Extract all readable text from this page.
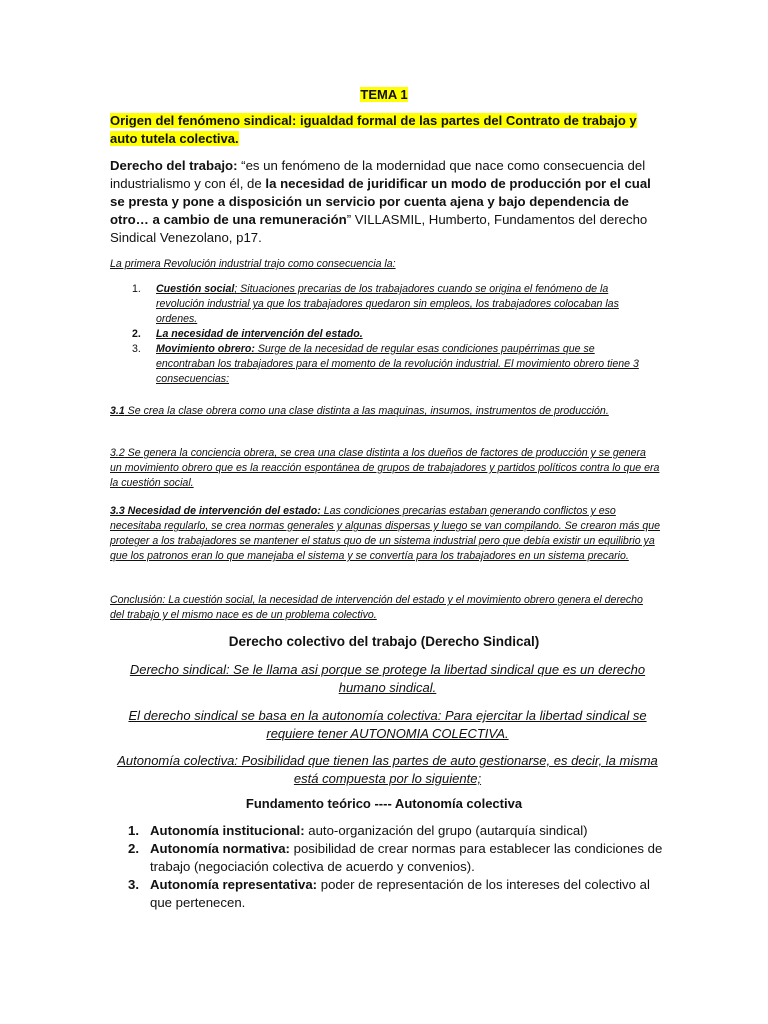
TEMA 1
Origen del fenómeno sindical: igualdad formal de las partes del Contrato de trabajo y auto tutela colectiva.
Derecho del trabajo: “es un fenómeno de la modernidad que nace como consecuencia del industrialismo y con él, de la necesidad de juridificar un modo de producción por el cual se presta y pone a disposición un servicio por cuenta ajena y bajo dependencia de otro… a cambio de una remuneración” VILLASMIL, Humberto, Fundamentos del derecho Sindical Venezolano, p17.
La primera Revolución industrial trajo como consecuencia la:
1. Cuestión social; Situaciones precarias de los trabajadores cuando se origina el fenómeno de la revolución industrial ya que los trabajadores quedaron sin empleos, los trabajadores colocaban las ordenes.
2. La necesidad de intervención del estado.
3. Movimiento obrero: Surge de la necesidad de regular esas condiciones paupérrimas que se encontraban los trabajadores para el momento de la revolución industrial. El movimiento obrero tiene 3 consecuencias:
3.1 Se crea la clase obrera como una clase distinta a las maquinas, insumos, instrumentos de producción.
3.2 Se genera la conciencia obrera, se crea una clase distinta a los dueños de factores de producción y se genera un movimiento obrero que es la reacción espontánea de grupos de trabajadores y partidos políticos contra lo que era la cuestión social.
3.3 Necesidad de intervención del estado: Las condiciones precarias estaban generando conflictos y eso necesitaba regularlo, se crea normas generales y algunas dispersas y luego se van compilando. Se crearon más que proteger a los trabajadores se mantener el status quo de un sistema industrial pero que debía existir un equilibrio ya que los patronos eran lo que manejaba el sistema y se convertía para los trabajadores en un sistema precario.
Conclusión: La cuestión social, la necesidad de intervención del estado y el movimiento obrero genera el derecho del trabajo y el mismo nace es de un problema colectivo.
Derecho colectivo del trabajo (Derecho Sindical)
Derecho sindical: Se le llama asi porque se protege la libertad sindical que es un derecho humano sindical.
El derecho sindical se basa en la autonomía colectiva: Para ejercitar la libertad sindical se requiere tener AUTONOMIA COLECTIVA.
Autonomía colectiva: Posibilidad que tienen las partes de auto gestionarse, es decir, la misma está compuesta por lo siguiente;
Fundamento teórico ---- Autonomía colectiva
1. Autonomía institucional: auto-organización del grupo (autarquía sindical)
2. Autonomía normativa: posibilidad de crear normas para establecer las condiciones de trabajo (negociación colectiva de acuerdo y convenios).
3. Autonomía representativa: poder de representación de los intereses del colectivo al que pertenecen.
